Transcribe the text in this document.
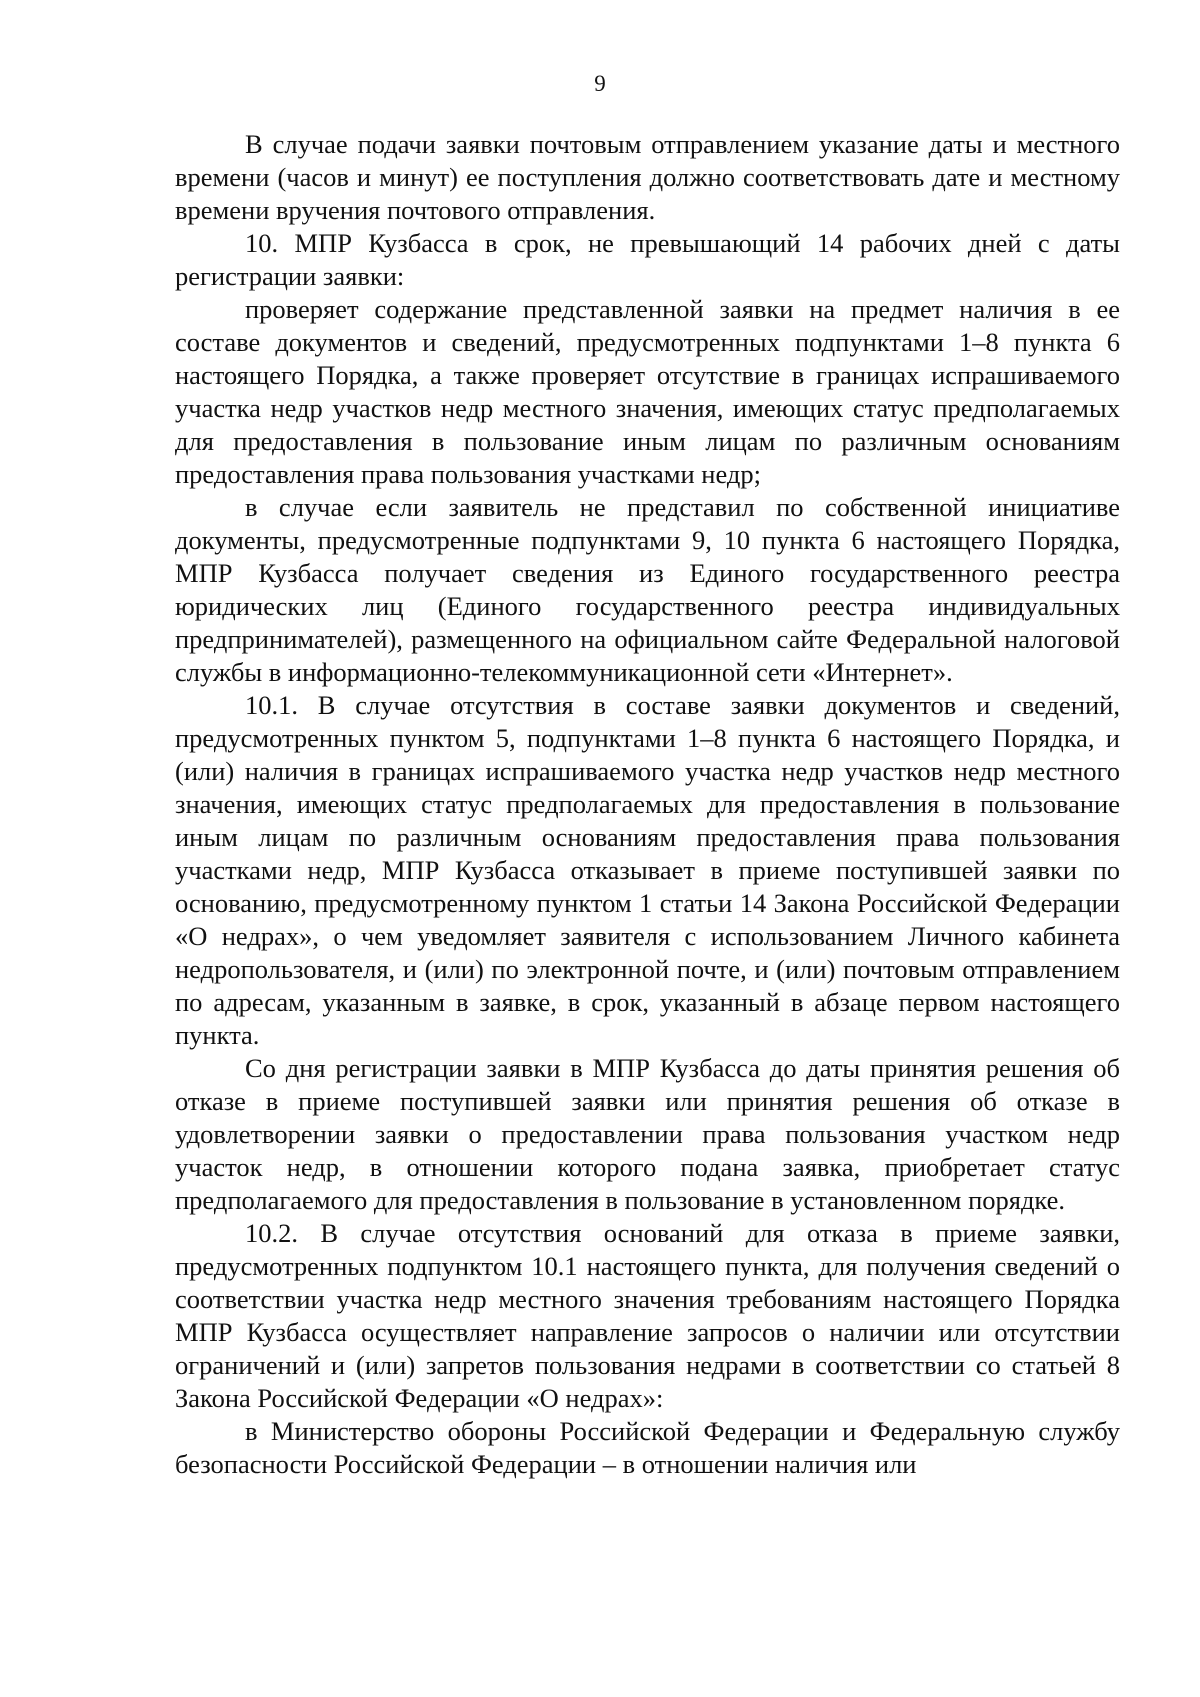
9

В случае подачи заявки почтовым отправлением указание даты и местного времени (часов и минут) ее поступления должно соответствовать дате и местному времени вручения почтового отправления.

10. МПР Кузбасса в срок, не превышающий 14 рабочих дней с даты регистрации заявки:

проверяет содержание представленной заявки на предмет наличия в ее составе документов и сведений, предусмотренных подпунктами 1–8 пункта 6 настоящего Порядка, а также проверяет отсутствие в границах испрашиваемого участка недр участков недр местного значения, имеющих статус предполагаемых для предоставления в пользование иным лицам по различным основаниям предоставления права пользования участками недр;

в случае если заявитель не представил по собственной инициативе документы, предусмотренные подпунктами 9, 10 пункта 6 настоящего Порядка, МПР Кузбасса получает сведения из Единого государственного реестра юридических лиц (Единого государственного реестра индивидуальных предпринимателей), размещенного на официальном сайте Федеральной налоговой службы в информационно-телекоммуникационной сети «Интернет».

10.1. В случае отсутствия в составе заявки документов и сведений, предусмотренных пунктом 5, подпунктами 1–8 пункта 6 настоящего Порядка, и (или) наличия в границах испрашиваемого участка недр участков недр местного значения, имеющих статус предполагаемых для предоставления в пользование иным лицам по различным основаниям предоставления права пользования участками недр, МПР Кузбасса отказывает в приеме поступившей заявки по основанию, предусмотренному пунктом 1 статьи 14 Закона Российской Федерации «О недрах», о чем уведомляет заявителя с использованием Личного кабинета недропользователя, и (или) по электронной почте, и (или) почтовым отправлением по адресам, указанным в заявке, в срок, указанный в абзаце первом настоящего пункта.

Со дня регистрации заявки в МПР Кузбасса до даты принятия решения об отказе в приеме поступившей заявки или принятия решения об отказе в удовлетворении заявки о предоставлении права пользования участком недр участок недр, в отношении которого подана заявка, приобретает статус предполагаемого для предоставления в пользование в установленном порядке.

10.2. В случае отсутствия оснований для отказа в приеме заявки, предусмотренных подпунктом 10.1 настоящего пункта, для получения сведений о соответствии участка недр местного значения требованиям настоящего Порядка МПР Кузбасса осуществляет направление запросов о наличии или отсутствии ограничений и (или) запретов пользования недрами в соответствии со статьей 8 Закона Российской Федерации «О недрах»:

в Министерство обороны Российской Федерации и Федеральную службу безопасности Российской Федерации – в отношении наличия или
